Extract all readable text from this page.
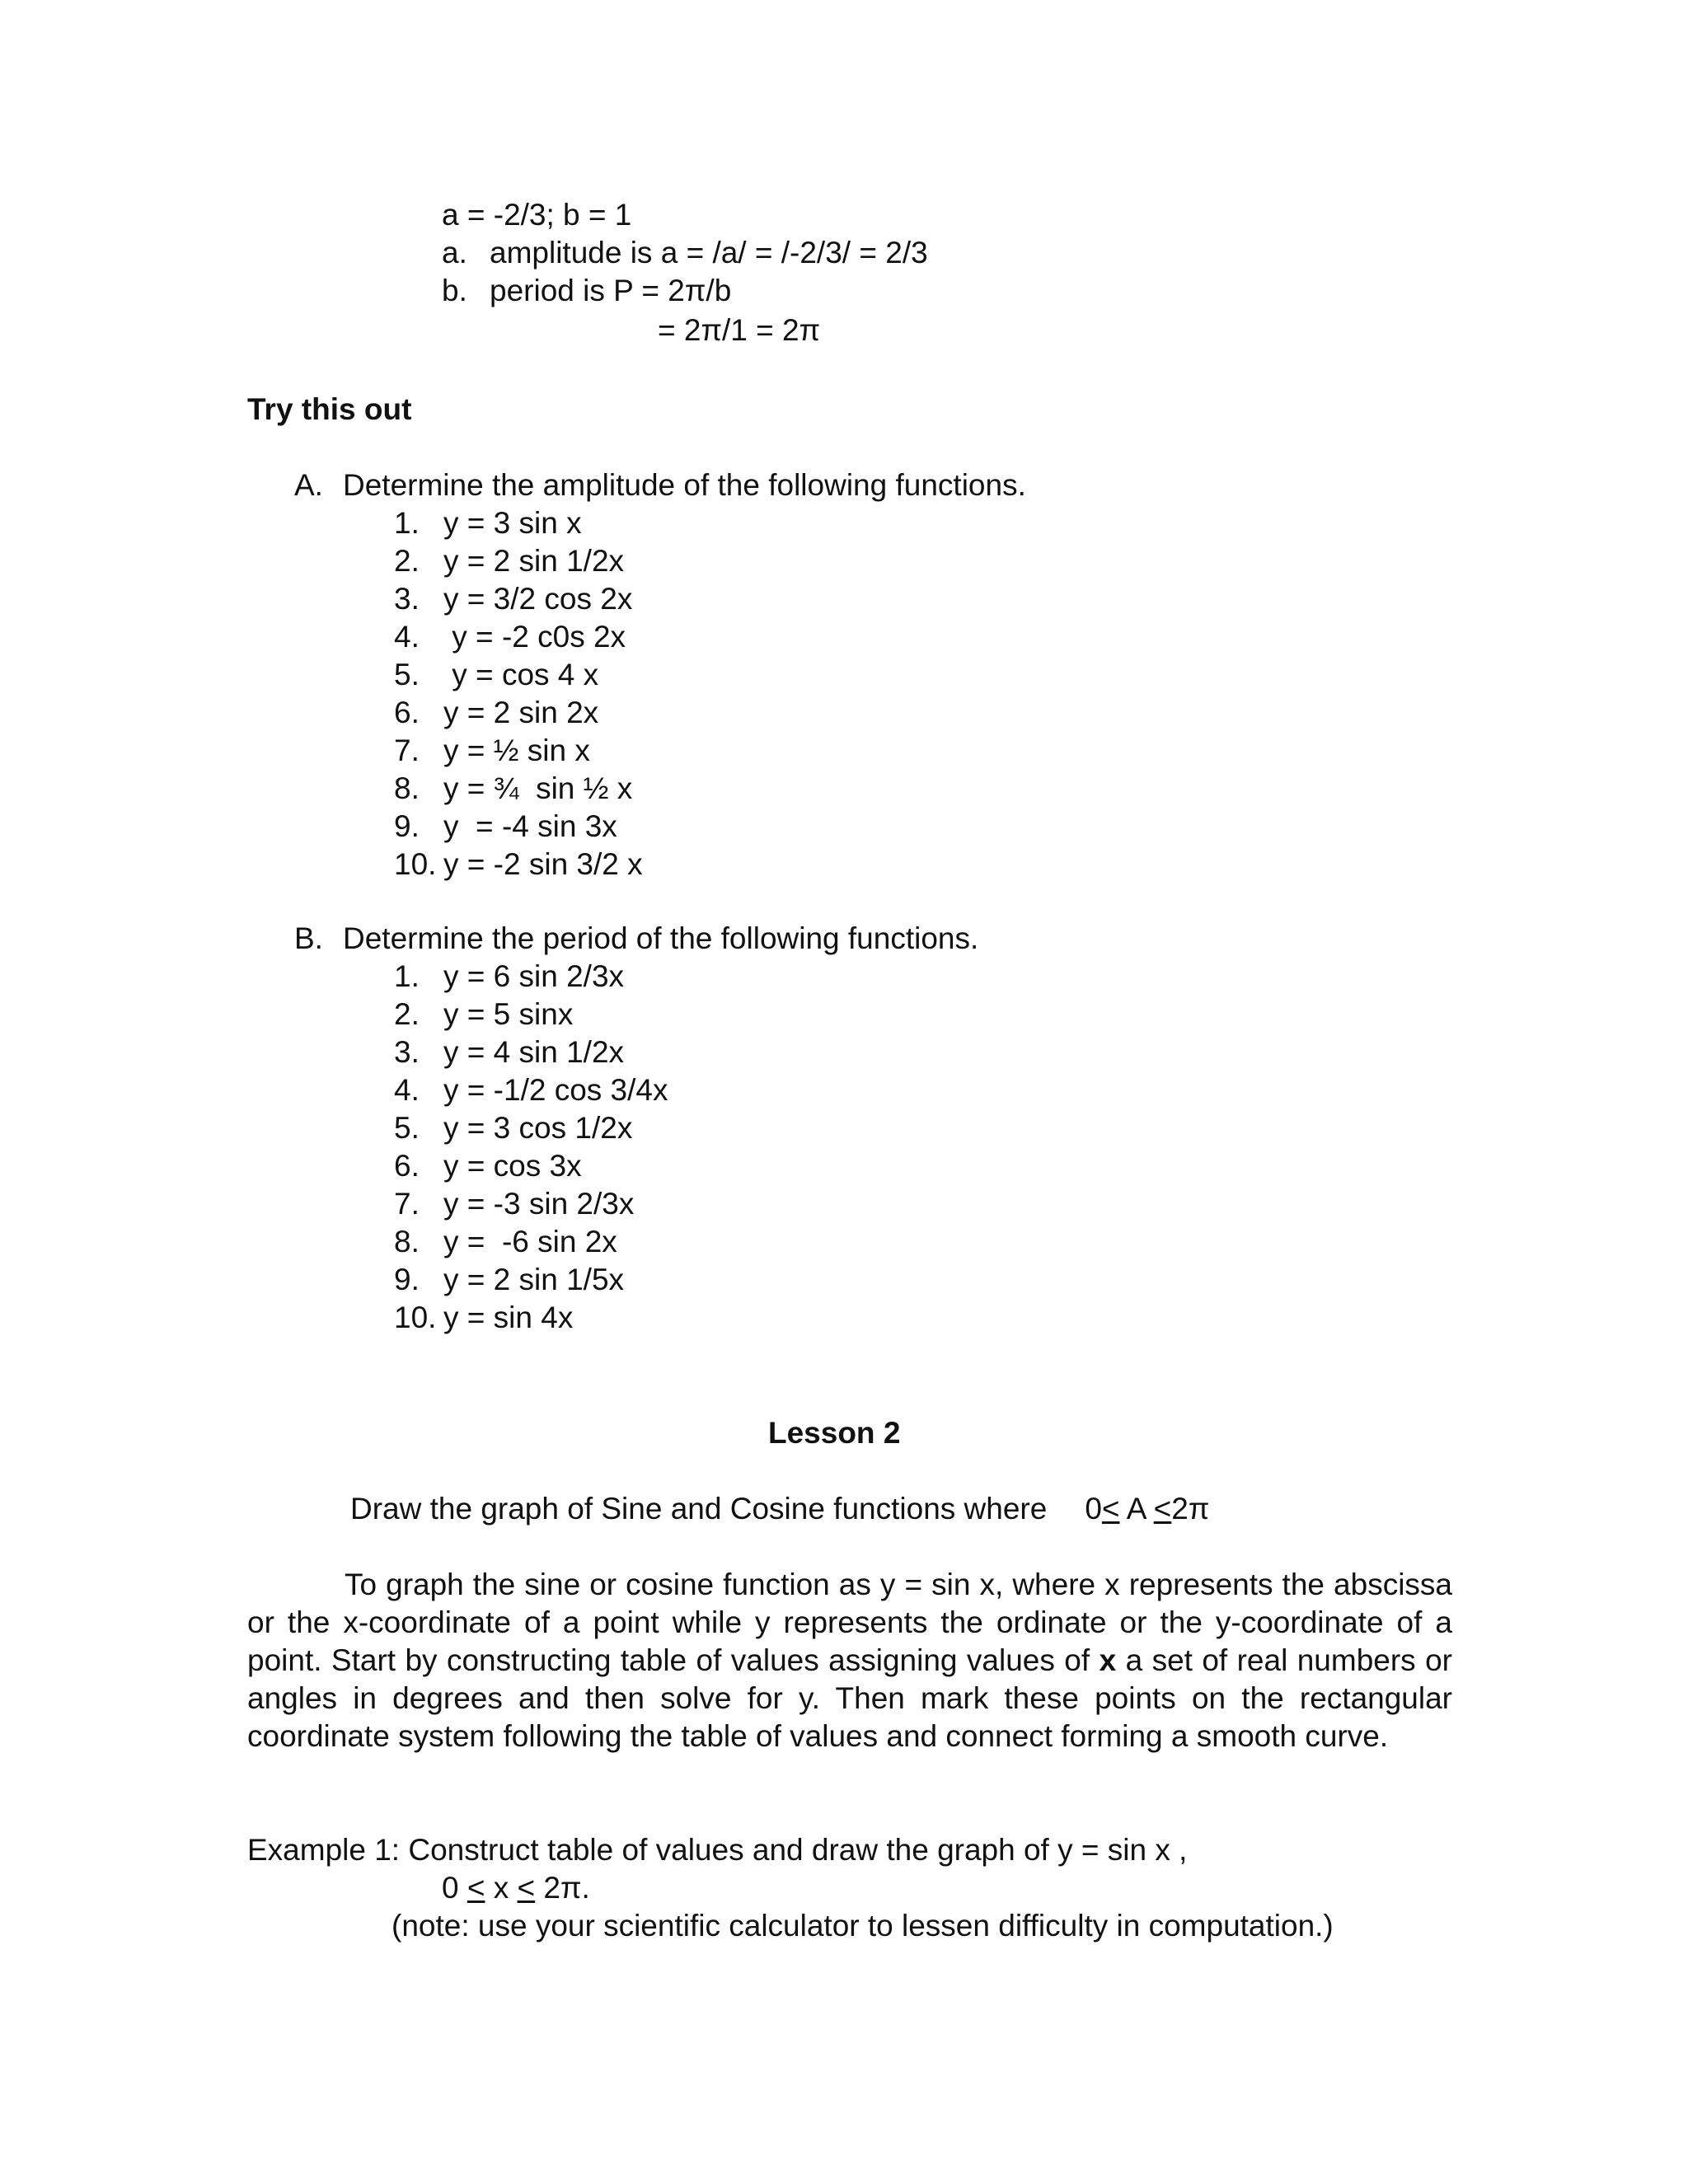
a = -2/3; b = 1
a. amplitude is a = /a/ = /-2/3/ = 2/3
b. period is P = 2π/b
= 2π/1 = 2π
Try this out
A. Determine the amplitude of the following functions.
1. y = 3 sin x
2. y = 2 sin 1/2x
3. y = 3/2 cos 2x
4. y = -2 c0s 2x
5. y = cos 4 x
6. y = 2 sin 2x
7. y = ½ sin x
8. y = ¾  sin ½ x
9. y  = -4 sin 3x
10. y = -2 sin 3/2 x
B. Determine the period of the following functions.
1. y = 6 sin 2/3x
2. y = 5 sinx
3. y = 4 sin 1/2x
4. y = -1/2 cos 3/4x
5. y = 3 cos 1/2x
6. y = cos 3x
7. y = -3 sin 2/3x
8. y =  -6 sin 2x
9. y = 2 sin 1/5x
10. y = sin 4x
Lesson 2
Draw the graph of Sine and Cosine functions where 0< A <2π

To graph the sine or cosine function as y = sin x, where x represents the abscissa or the x-coordinate of a point while y represents the ordinate or the y-coordinate of a point. Start by constructing table of values assigning values of x a set of real numbers or angles in degrees and then solve for y. Then mark these points on the rectangular coordinate system following the table of values and connect forming a smooth curve.

Example 1: Construct table of values and draw the graph of y = sin x ,
0 < x < 2π.
(note: use your scientific calculator to lessen difficulty in computation.)
